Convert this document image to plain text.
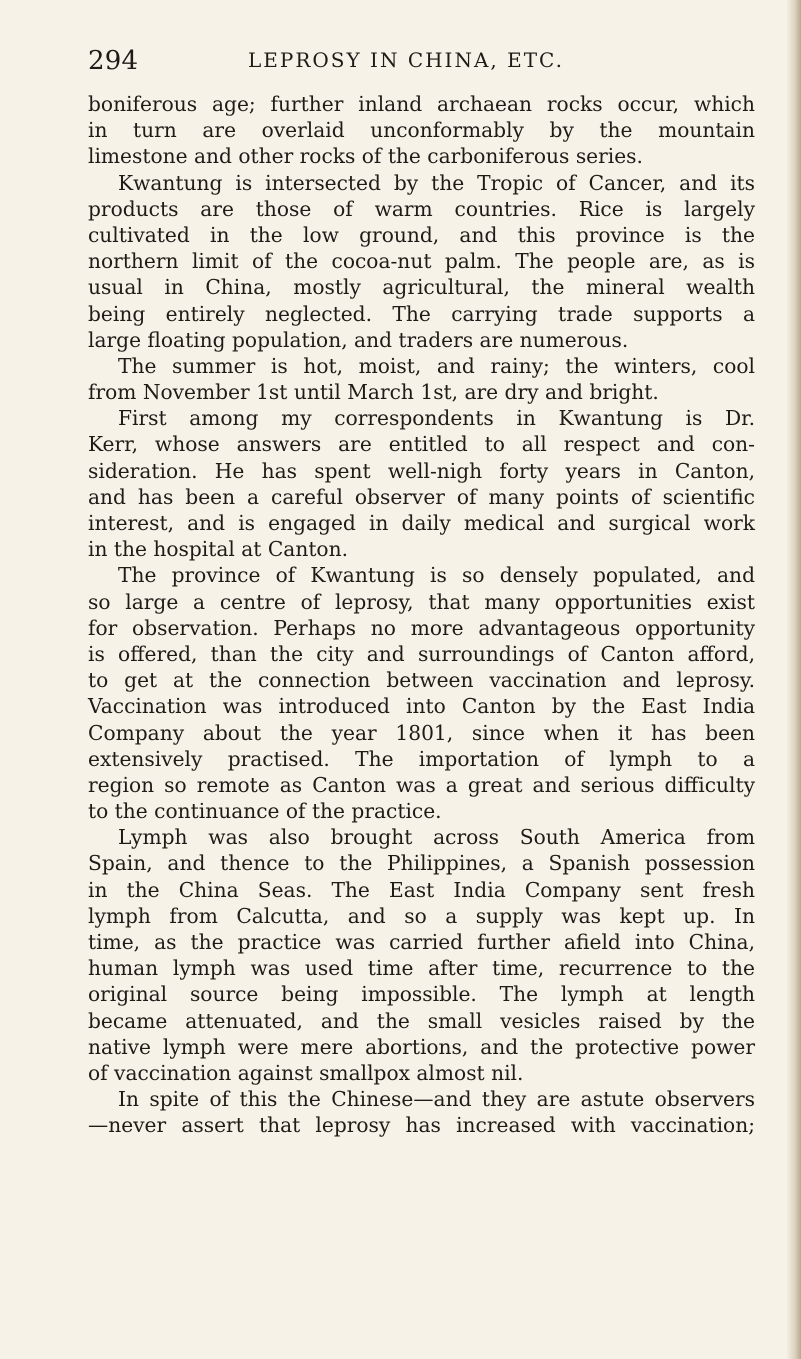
294	LEPROSY IN CHINA, ETC.
boniferous age; further inland archaean rocks occur, which
in turn are overlaid unconformably by the mountain
limestone and other rocks of the carboniferous series.
Kwantung is intersected by the Tropic of Cancer, and its
products are those of warm countries. Rice is largely
cultivated in the low ground, and this province is the
northern limit of the cocoa-nut palm. The people are, as is
usual in China, mostly agricultural, the mineral wealth
being entirely neglected. The carrying trade supports a
large floating population, and traders are numerous.
The summer is hot, moist, and rainy; the winters, cool
from November 1st until March 1st, are dry and bright.
First among my correspondents in Kwantung is Dr.
Kerr, whose answers are entitled to all respect and con-
sideration. He has spent well-nigh forty years in Canton,
and has been a careful observer of many points of scientific
interest, and is engaged in daily medical and surgical work
in the hospital at Canton.
The province of Kwantung is so densely populated, and
so large a centre of leprosy, that many opportunities exist
for observation. Perhaps no more advantageous opportunity
is offered, than the city and surroundings of Canton afford,
to get at the connection between vaccination and leprosy.
Vaccination was introduced into Canton by the East India
Company about the year 1801, since when it has been
extensively practised. The importation of lymph to a
region so remote as Canton was a great and serious difficulty
to the continuance of the practice.
Lymph was also brought across South America from
Spain, and thence to the Philippines, a Spanish possession
in the China Seas. The East India Company sent fresh
lymph from Calcutta, and so a supply was kept up. In
time, as the practice was carried further afield into China,
human lymph was used time after time, recurrence to the
original source being impossible. The lymph at length
became attenuated, and the small vesicles raised by the
native lymph were mere abortions, and the protective power
of vaccination against smallpox almost nil.
In spite of this the Chinese—and they are astute observers
—never assert that leprosy has increased with vaccination;
